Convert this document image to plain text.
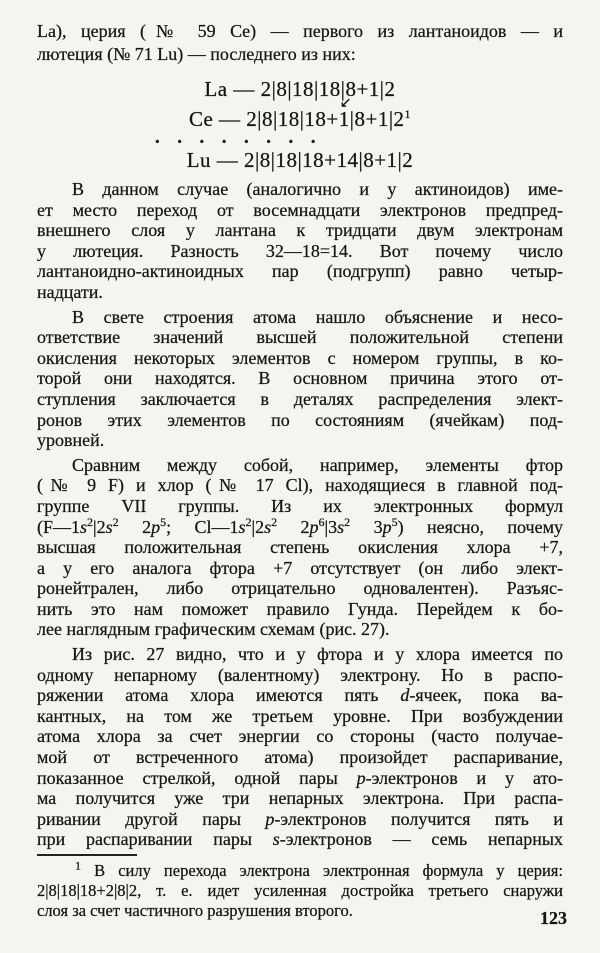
La), церия (№ 59 Ce) — первого из лантаноидов — и
лютеция (№ 71 Lu) — последнего из них:
La — 2|8|18|18|8+1|2
Ce — 2|8|18|18+↙ $1|8+1|2^1$
........
Lu — 2|8|18|18+14|8+1|2
В данном случае (аналогично и у актиноидов) име-
ет место переход от восемнадцати электронов предпред-
внешнего слоя у лантана к тридцати двум электронам
у лютеция. Разность 32—18=14. Вот почему число
лантаноидно-актиноидных пар (подгрупп) равно четыр-
надцати.
В свете строения атома нашло объяснение и несо-
ответствие значений высшей положительной степени
окисления некоторых элементов с номером группы, в ко-
торой они находятся. В основном причина этого от-
ступления заключается в деталях распределения элект-
ронов этих элементов по состояниям (ячейкам) под-
уровней.
Сравним между собой, например, элементы фтор
(№ 9 F) и хлор (№ 17 Cl), находящиеся в главной под-
группе VII группы. Из их электронных формул
($F—1s^2|2s^2$ $2p^5$; $Cl—1s^2|2s^2$ $2p^6|3s^2$ $3p^5$) неясно, почему
высшая положительная степень окисления хлора +7,
а у его аналога фтора +7 отсутствует (он либо элект-
ронейтрален, либо отрицательно одновалентен). Разъяс-
нить это нам поможет правило Гунда. Перейдем к бо-
лее наглядным графическим схемам (рис. 27).
Из рис. 27 видно, что и у фтора и у хлора имеется по
одному непарному (валентному) электрону. Но в распо-
ряжении атома хлора имеются пять d-ячеек, пока ва-
кантных, на том же третьем уровне. При возбуждении
атома хлора за счет энергии со стороны (часто получае-
мой от встреченного атома) произойдет распаривание,
показанное стрелкой, одной пары p-электронов и у ато-
ма получится уже три непарных электрона. При распа-
ривании другой пары p-электронов получится пять и
при распаривании пары s-электронов — семь непарных
$^1$ В силу перехода электрона электронная формула у церия:
2|8|18|18+2|8|2, т. е. идет усиленная достройка третьего снаружи
слоя за счет частичного разрушения второго.	123
